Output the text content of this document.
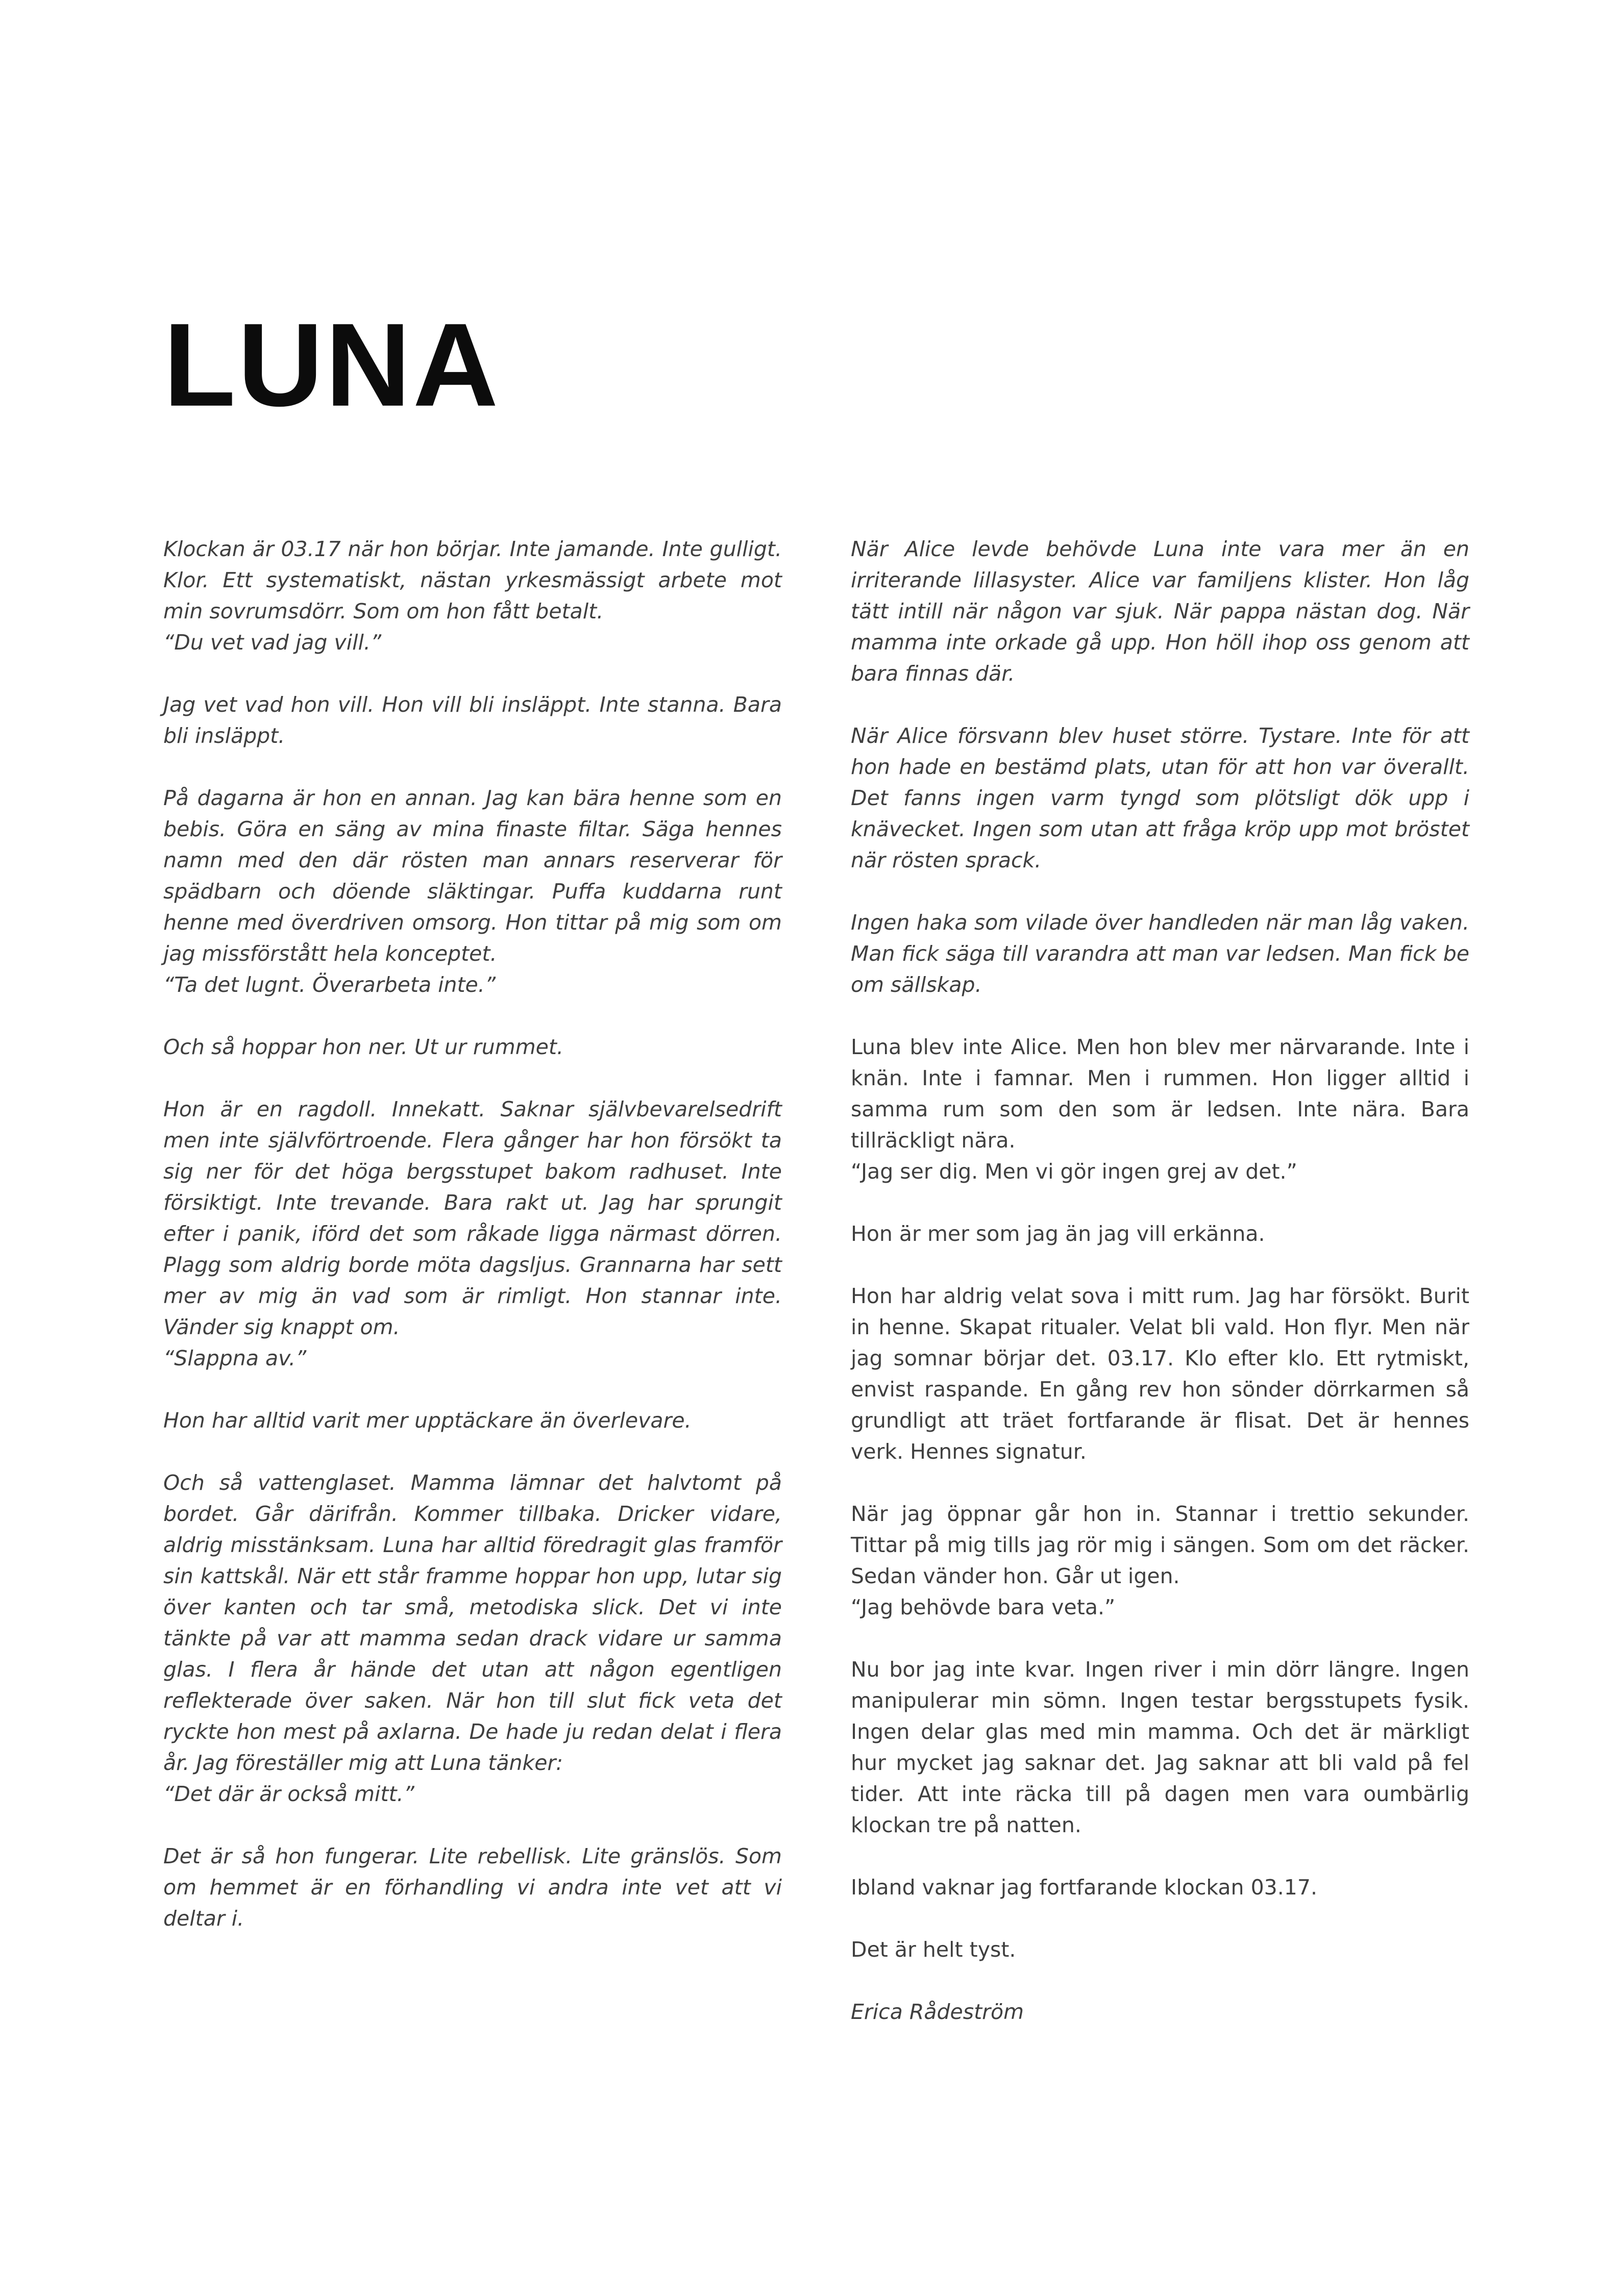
LUNA
Klockan är 03.17 när hon börjar. Inte jamande. Inte gulligt. Klor. Ett systematiskt, nästan yrkesmässigt arbete mot min sovrumsdörr. Som om hon fått betalt.
“Du vet vad jag vill.”
Jag vet vad hon vill. Hon vill bli insläppt. Inte stanna. Bara bli insläppt.
På dagarna är hon en annan. Jag kan bära henne som en bebis. Göra en säng av mina finaste filtar. Säga hennes namn med den där rösten man annars reserverar för spädbarn och döende släktingar. Puffa kuddarna runt henne med överdriven omsorg. Hon tittar på mig som om jag missförstått hela konceptet.
“Ta det lugnt. Överarbeta inte.”
Och så hoppar hon ner. Ut ur rummet.
Hon är en ragdoll. Innekatt. Saknar självbevarelsedrift men inte självförtroende. Flera gånger har hon försökt ta sig ner för det höga bergsstupet bakom radhuset. Inte försiktigt. Inte trevande. Bara rakt ut. Jag har sprungit efter i panik, iförd det som råkade ligga närmast dörren. Plagg som aldrig borde möta dagsljus. Grannarna har sett mer av mig än vad som är rimligt. Hon stannar inte. Vänder sig knappt om.
“Slappna av.”
Hon har alltid varit mer upptäckare än överlevare.
Och så vattenglaset. Mamma lämnar det halvtomt på bordet. Går därifrån. Kommer tillbaka. Dricker vidare, aldrig misstänksam. Luna har alltid föredragit glas framför sin kattskål. När ett står framme hoppar hon upp, lutar sig över kanten och tar små, metodiska slick. Det vi inte tänkte på var att mamma sedan drack vidare ur samma glas. I flera år hände det utan att någon egentligen reflekterade över saken. När hon till slut fick veta det ryckte hon mest på axlarna. De hade ju redan delat i flera år. Jag föreställer mig att Luna tänker:
“Det där är också mitt.”
Det är så hon fungerar. Lite rebellisk. Lite gränslös. Som om hemmet är en förhandling vi andra inte vet att vi deltar i.
När Alice levde behövde Luna inte vara mer än en irriterande lillasyster. Alice var familjens klister. Hon låg tätt intill när någon var sjuk. När pappa nästan dog. När mamma inte orkade gå upp. Hon höll ihop oss genom att bara finnas där.
När Alice försvann blev huset större. Tystare. Inte för att hon hade en bestämd plats, utan för att hon var överallt. Det fanns ingen varm tyngd som plötsligt dök upp i knävecket. Ingen som utan att fråga kröp upp mot bröstet när rösten sprack.
Ingen haka som vilade över handleden när man låg vaken. Man fick säga till varandra att man var ledsen. Man fick be om sällskap.
Luna blev inte Alice. Men hon blev mer närvarande. Inte i knän. Inte i famnar. Men i rummen. Hon ligger alltid i samma rum som den som är ledsen. Inte nära. Bara tillräckligt nära.
“Jag ser dig. Men vi gör ingen grej av det.”
Hon är mer som jag än jag vill erkänna.
Hon har aldrig velat sova i mitt rum. Jag har försökt. Burit in henne. Skapat ritualer. Velat bli vald. Hon flyr. Men när jag somnar börjar det. 03.17. Klo efter klo. Ett rytmiskt, envist raspande. En gång rev hon sönder dörrkarmen så grundligt att träet fortfarande är flisat. Det är hennes verk. Hennes signatur.
När jag öppnar går hon in. Stannar i trettio sekunder. Tittar på mig tills jag rör mig i sängen. Som om det räcker. Sedan vänder hon. Går ut igen.
“Jag behövde bara veta.”
Nu bor jag inte kvar. Ingen river i min dörr längre. Ingen manipulerar min sömn. Ingen testar bergsstupets fysik. Ingen delar glas med min mamma. Och det är märkligt hur mycket jag saknar det. Jag saknar att bli vald på fel tider. Att inte räcka till på dagen men vara oumbärlig klockan tre på natten.
Ibland vaknar jag fortfarande klockan 03.17.
Det är helt tyst.
Erica Rådeström
